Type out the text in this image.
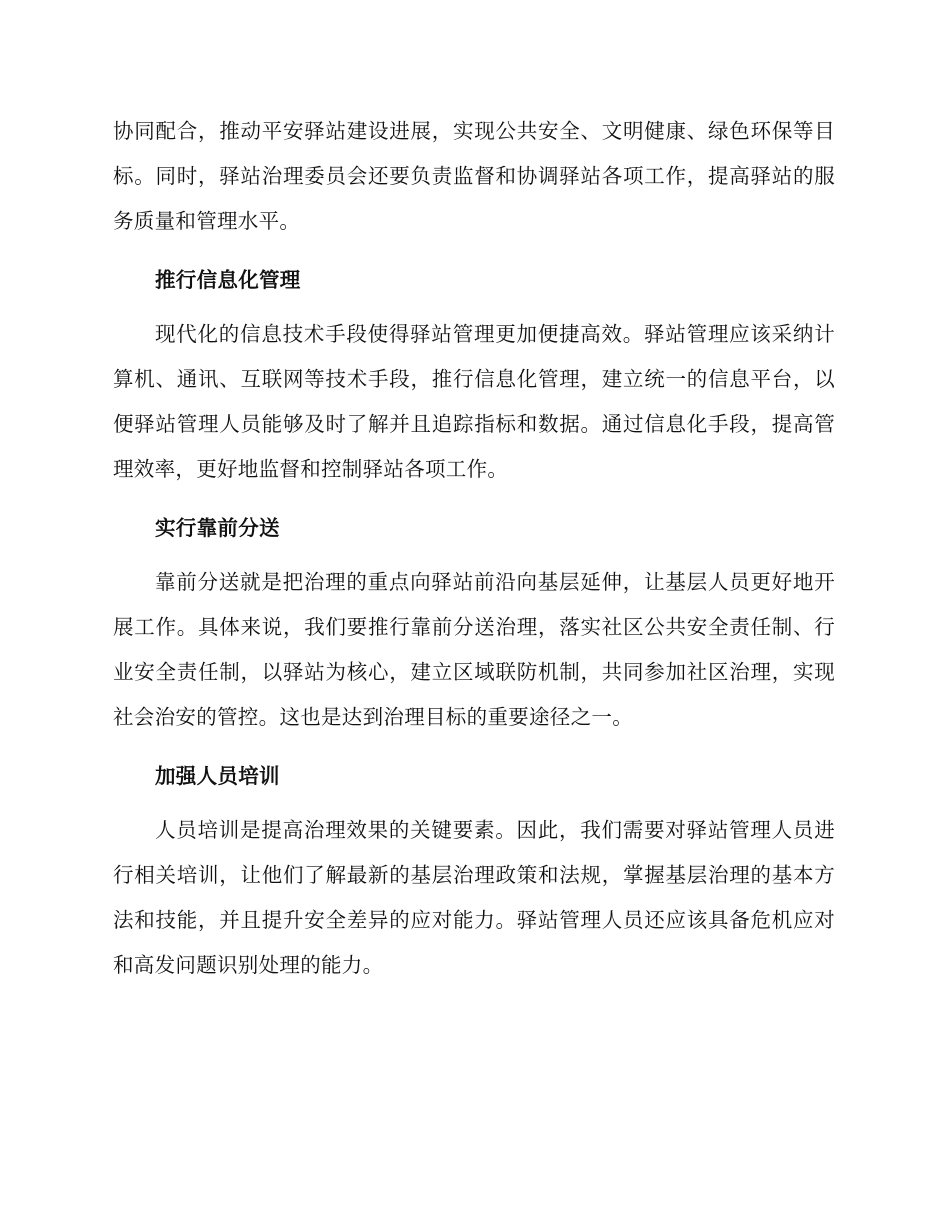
协同配合，推动平安驿站建设进展，实现公共安全、文明健康、绿色环保等目标。同时，驿站治理委员会还要负责监督和协调驿站各项工作，提高驿站的服务质量和管理水平。

推行信息化管理

现代化的信息技术手段使得驿站管理更加便捷高效。驿站管理应该采纳计算机、通讯、互联网等技术手段，推行信息化管理，建立统一的信息平台，以便驿站管理人员能够及时了解并且追踪指标和数据。通过信息化手段，提高管理效率，更好地监督和控制驿站各项工作。

实行靠前分送

靠前分送就是把治理的重点向驿站前沿向基层延伸，让基层人员更好地开展工作。具体来说，我们要推行靠前分送治理，落实社区公共安全责任制、行业安全责任制，以驿站为核心，建立区域联防机制，共同参加社区治理，实现社会治安的管控。这也是达到治理目标的重要途径之一。

加强人员培训

人员培训是提高治理效果的关键要素。因此，我们需要对驿站管理人员进行相关培训，让他们了解最新的基层治理政策和法规，掌握基层治理的基本方法和技能，并且提升安全差异的应对能力。驿站管理人员还应该具备危机应对和高发问题识别处理的能力。
